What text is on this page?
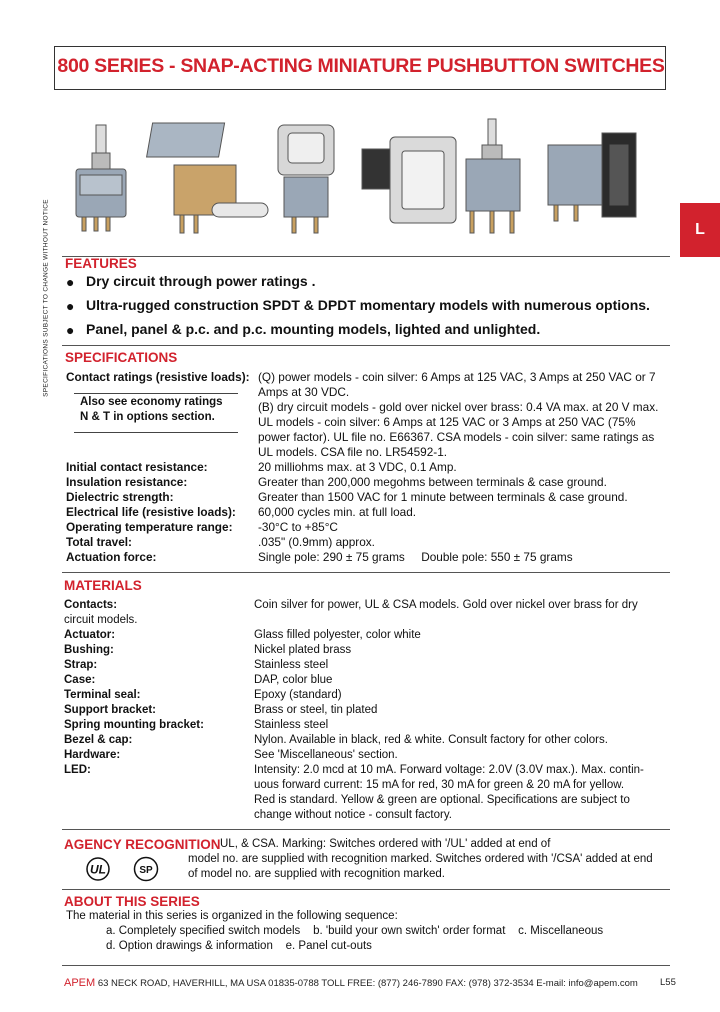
800 SERIES - SNAP-ACTING MINIATURE PUSHBUTTON SWITCHES
SPECIFICATIONS SUBJECT TO CHANGE WITHOUT NOTICE	L
FEATURES
● Dry circuit through power ratings .
● Ultra-rugged construction SPDT & DPDT momentary models with numerous options.
● Panel, panel & p.c. and p.c. mounting models, lighted and unlighted.
SPECIFICATIONS
Contact ratings (resistive loads): (Q) power models - coin silver: 6 Amps at 125 VAC, 3 Amps at 250 VAC or 7
Amps at 30 VDC.
(B) dry circuit models - gold over nickel over brass: 0.4 VA max. at 20 V max.
UL models - coin silver: 6 Amps at 125 VAC or 3 Amps at 250 VAC (75%
power factor). UL file no. E66367. CSA models - coin silver: same ratings as
UL models. CSA file no. LR54592-1.
Also see economy ratings
N & T in options section.
Initial contact resistance:	20 milliohms max. at 3 VDC, 0.1 Amp.
Insulation resistance:	Greater than 200,000 megohms between terminals & case ground.
Dielectric strength:	Greater than 1500 VAC for 1 minute between terminals & case ground.
Electrical life (resistive loads): 60,000 cycles min. at full load.
Operating temperature range: -30°C to +85°C
Total travel:	.035" (0.9mm) approx.
Actuation force:	Single pole: 290 ± 75 grams     Double pole: 550 ± 75 grams
MATERIALS
Contacts:	Coin silver for power, UL & CSA models. Gold over nickel over brass for dry
circuit models.
Actuator:	Glass filled polyester, color white
Bushing:	Nickel plated brass
Strap:	Stainless steel
Case:	DAP, color blue
Terminal seal:	Epoxy (standard)
Support bracket:	Brass or steel, tin plated
Spring mounting bracket:	Stainless steel
Bezel & cap:	Nylon. Available in black, red & white. Consult factory for other colors.
Hardware:	See 'Miscellaneous' section.
LED:	Intensity: 2.0 mcd at 10 mA. Forward voltage: 2.0V (3.0V max.). Max. contin-
uous forward current: 15 mA for red, 30 mA for green & 20 mA for yellow.
Red is standard. Yellow & green are optional. Specifications are subject to
change without notice - consult factory.
AGENCY RECOGNITION UL, & CSA. Marking: Switches ordered with '/UL' added at end of
model no. are supplied with recognition marked. Switches ordered with '/CSA' added at end
of model no. are supplied with recognition marked.
UL	SP
ABOUT THIS SERIES
The material in this series is organized in the following sequence:
a. Completely specified switch models    b. 'build your own switch' order format    c. Miscellaneous
d. Option drawings & information    e. Panel cut-outs
APEM 63 NECK ROAD, HAVERHILL, MA USA 01835-0788 TOLL FREE: (877) 246-7890 FAX: (978) 372-3534 E-mail: info@apem.com L55
